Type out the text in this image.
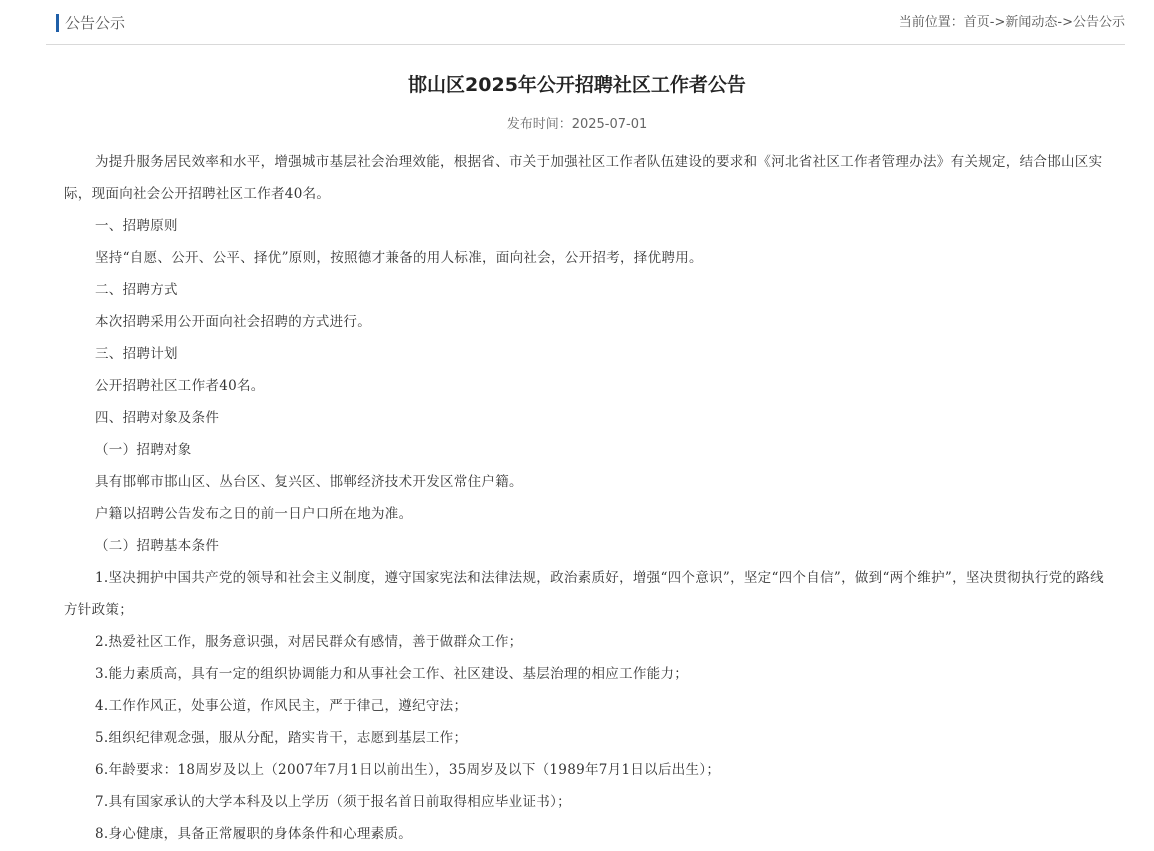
公告公示	当前位置：首页->新闻动态->公告公示
邯山区2025年公开招聘社区工作者公告
发布时间：2025-07-01

为提升服务居民效率和水平，增强城市基层社会治理效能，根据省、市关于加强社区工作者队伍建设的要求和《河北省社区工作者管理办法》有关规定，结合邯山区实际，现面向社会公开招聘社区工作者40名。

一、招聘原则

坚持“自愿、公开、公平、择优”原则，按照德才兼备的用人标准，面向社会，公开招考，择优聘用。

二、招聘方式

本次招聘采用公开面向社会招聘的方式进行。

三、招聘计划

公开招聘社区工作者40名。

四、招聘对象及条件

（一）招聘对象

具有邯郸市邯山区、丛台区、复兴区、邯郸经济技术开发区常住户籍。

户籍以招聘公告发布之日的前一日户口所在地为准。

（二）招聘基本条件

1.坚决拥护中国共产党的领导和社会主义制度，遵守国家宪法和法律法规，政治素质好，增强“四个意识”，坚定“四个自信”，做到“两个维护”，坚决贯彻执行党的路线方针政策；

2.热爱社区工作，服务意识强，对居民群众有感情，善于做群众工作；

3.能力素质高，具有一定的组织协调能力和从事社会工作、社区建设、基层治理的相应工作能力；

4.工作作风正，处事公道，作风民主，严于律己，遵纪守法；

5.组织纪律观念强，服从分配，踏实肯干，志愿到基层工作；

6.年龄要求：18周岁及以上（2007年7月1日以前出生），35周岁及以下（1989年7月1日以后出生）；

7.具有国家承认的大学本科及以上学历（须于报名首日前取得相应毕业证书）；

8.身心健康，具备正常履职的身体条件和心理素质。
